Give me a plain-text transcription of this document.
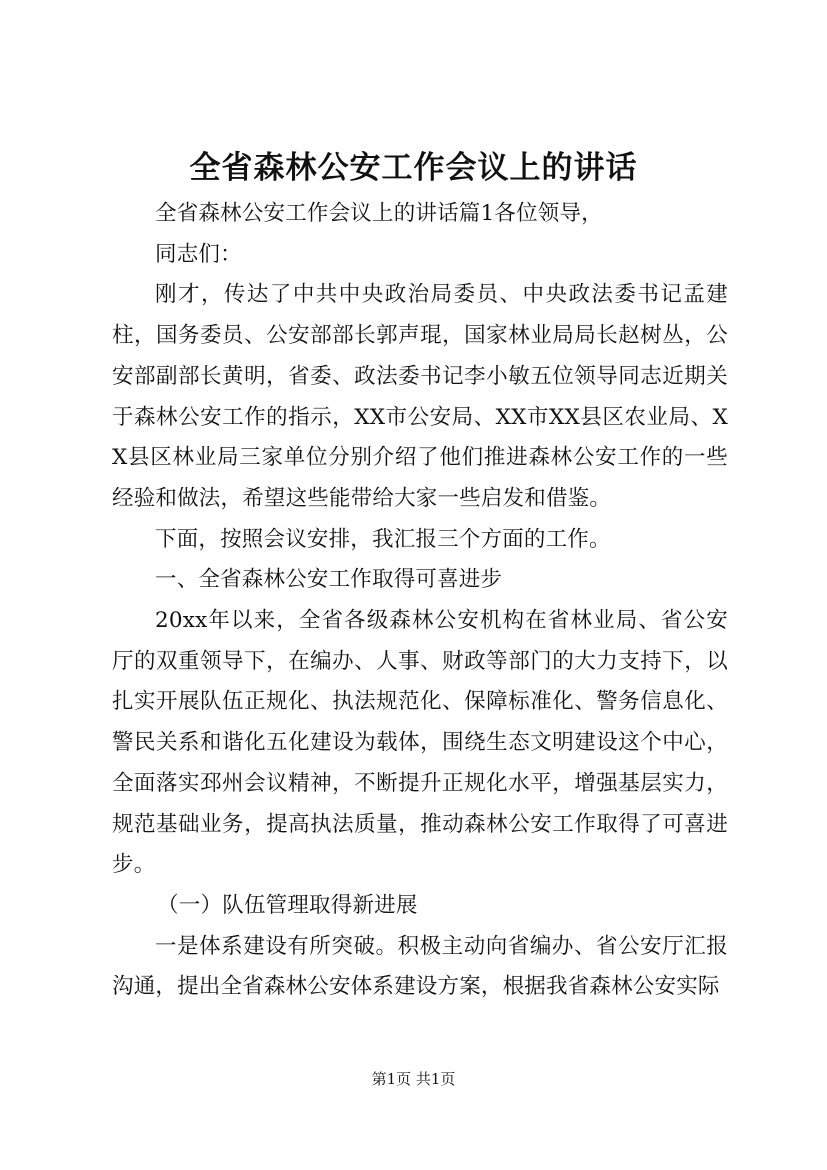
全省森林公安工作会议上的讲话

全省森林公安工作会议上的讲话篇1各位领导，

同志们：

刚才，传达了中共中央政治局委员、中央政法委书记孟建柱，国务委员、公安部部长郭声琨，国家林业局局长赵树丛，公安部副部长黄明，省委、政法委书记李小敏五位领导同志近期关于森林公安工作的指示，XX市公安局、XX市XX县区农业局、XX县区林业局三家单位分别介绍了他们推进森林公安工作的一些经验和做法，希望这些能带给大家一些启发和借鉴。

下面，按照会议安排，我汇报三个方面的工作。

一、全省森林公安工作取得可喜进步

20xx年以来，全省各级森林公安机构在省林业局、省公安厅的双重领导下，在编办、人事、财政等部门的大力支持下，以扎实开展队伍正规化、执法规范化、保障标准化、警务信息化、警民关系和谐化五化建设为载体，围绕生态文明建设这个中心，全面落实邳州会议精神，不断提升正规化水平，增强基层实力，规范基础业务，提高执法质量，推动森林公安工作取得了可喜进步。

（一）队伍管理取得新进展

一是体系建设有所突破。积极主动向省编办、省公安厅汇报沟通，提出全省森林公安体系建设方案，根据我省森林公安实际

第1页 共1页
